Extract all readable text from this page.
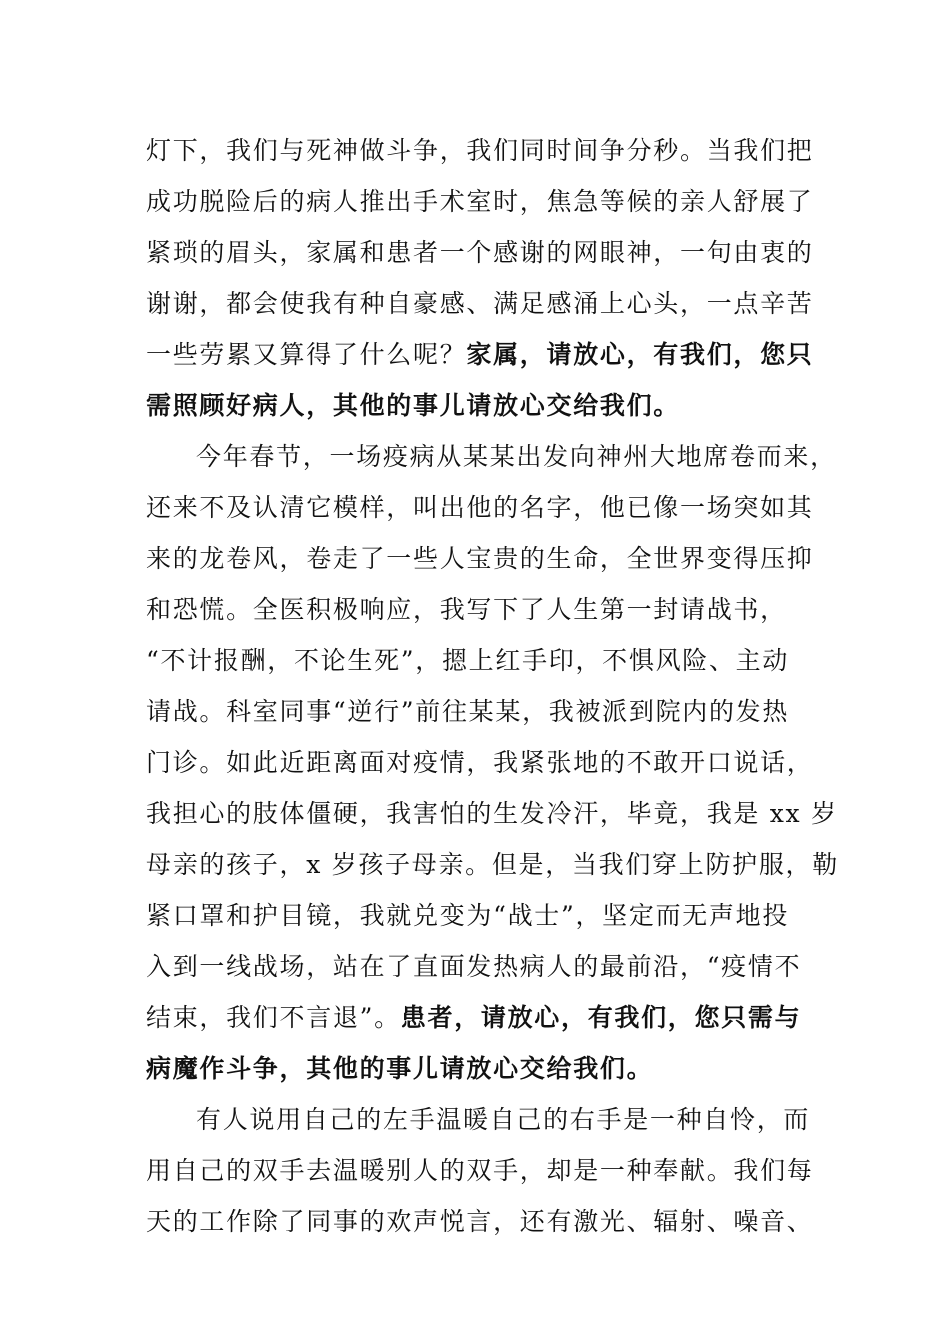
灯下，我们与死神做斗争，我们同时间争分秒。当我们把
成功脱险后的病人推出手术室时，焦急等候的亲人舒展了
紧琐的眉头，家属和患者一个感谢的网眼神，一句由衷的
谢谢，都会使我有种自豪感、满足感涌上心头，一点辛苦
一些劳累又算得了什么呢？家属，请放心，有我们，您只
需照顾好病人，其他的事儿请放心交给我们。
今年春节，一场疫病从某某出发向神州大地席卷而来，
还来不及认清它模样，叫出他的名字，他已像一场突如其
来的龙卷风，卷走了一些人宝贵的生命，全世界变得压抑
和恐慌。全医积极响应，我写下了人生第一封请战书，
“不计报酬，不论生死”，摁上红手印，不惧风险、主动
请战。科室同事“逆行”前往某某，我被派到院内的发热
门诊。如此近距离面对疫情，我紧张地的不敢开口说话，
我担心的肢体僵硬，我害怕的生发冷汗，毕竟，我是 xx 岁
母亲的孩子，x 岁孩子母亲。但是，当我们穿上防护服，勒
紧口罩和护目镜，我就兑变为“战士”，坚定而无声地投
入到一线战场，站在了直面发热病人的最前沿，“疫情不
结束，我们不言退”。患者，请放心，有我们，您只需与
病魔作斗争，其他的事儿请放心交给我们。
有人说用自己的左手温暖自己的右手是一种自怜，而
用自己的双手去温暖别人的双手，却是一种奉献。我们每
天的工作除了同事的欢声悦言，还有激光、辐射、噪音、
